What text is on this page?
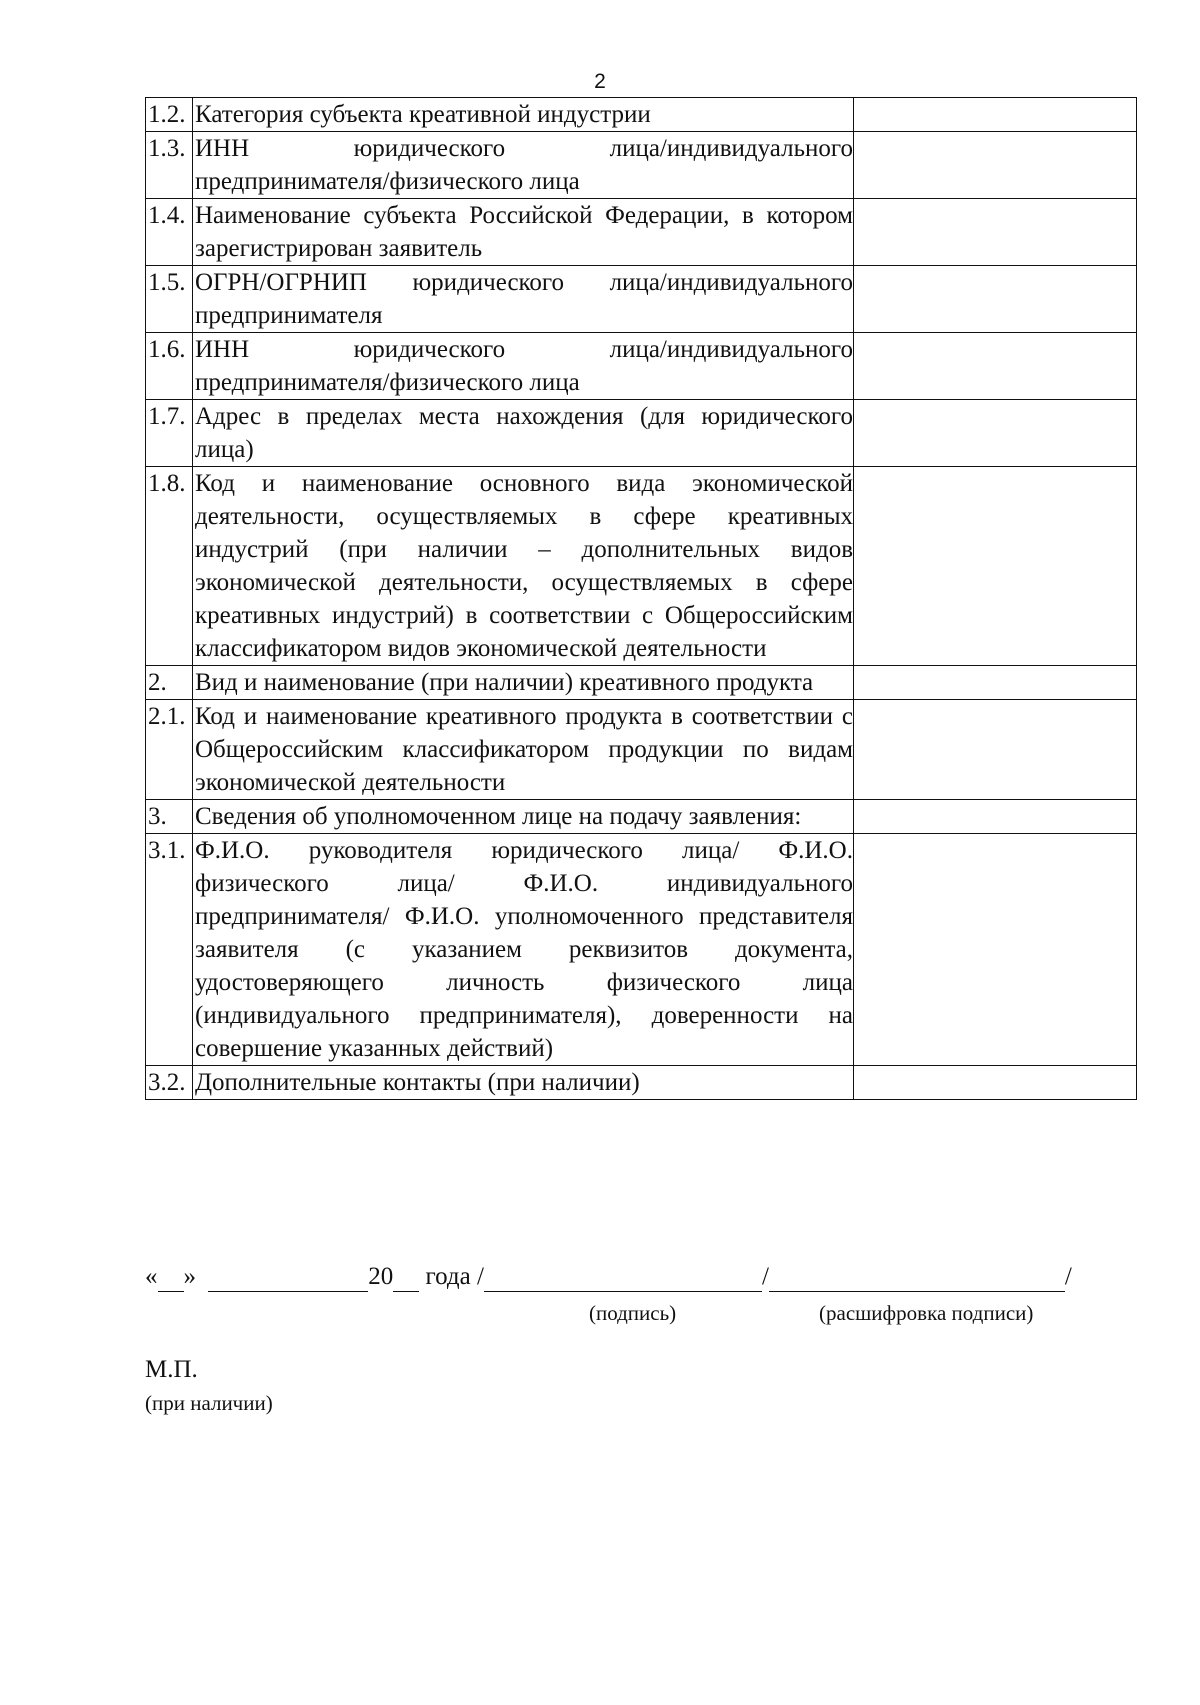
2
1.2.	Категория субъекта креативной индустрии	
1.3.	ИНН юридического лица/индивидуального предпринимателя/физического лица	
1.4.	Наименование субъекта Российской Федерации, в котором зарегистрирован заявитель	
1.5.	ОГРН/ОГРНИП юридического лица/индивидуального предпринимателя	
1.6.	ИНН юридического лица/индивидуального предпринимателя/физического лица	
1.7.	Адрес в пределах места нахождения (для юридического лица)	
1.8.	Код и наименование основного вида экономической деятельности, осуществляемых в сфере креативных индустрий (при наличии – дополнительных видов экономической деятельности, осуществляемых в сфере креативных индустрий) в соответствии с Общероссийским классификатором видов экономической деятельности	
2.	Вид и наименование (при наличии) креативного продукта	
2.1.	Код и наименование креативного продукта в соответствии с Общероссийским классификатором продукции по видам экономической деятельности	
3.	Сведения об уполномоченном лице на подачу заявления:	
3.1.	Ф.И.О. руководителя юридического лица/ Ф.И.О. физического лица/ Ф.И.О. индивидуального предпринимателя/ Ф.И.О. уполномоченного представителя заявителя (с указанием реквизитов документа, удостоверяющего личность физического лица (индивидуального предпринимателя), доверенности на совершение указанных действий)	
3.2.	Дополнительные контакты (при наличии)	
« »	20 года /	/	/
(подпись)	(расшифровка подписи)
М.П.
(при наличии)
